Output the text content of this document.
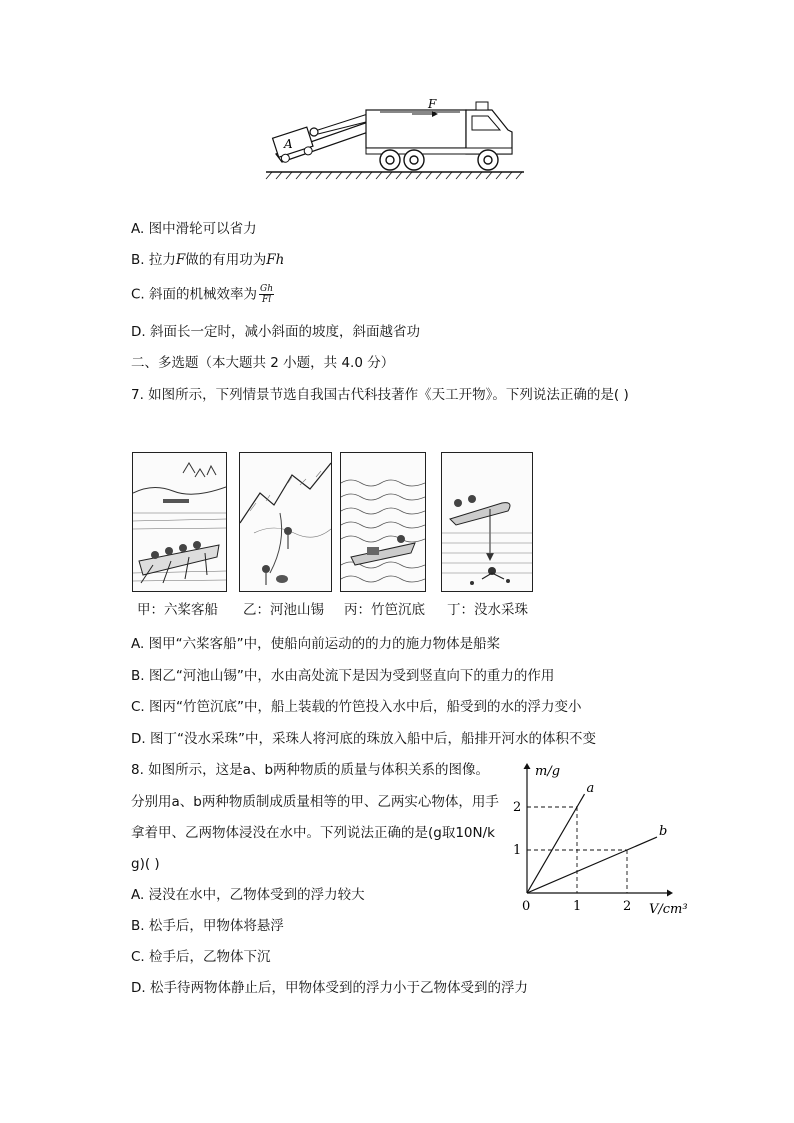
A
F
A. 图中滑轮可以省力
B. 拉力F做的有用功为Fh
C. 斜面的机械效率为 $\frac{Gh}{Fl}$
D. 斜面长一定时，减小斜面的坡度，斜面越省功
二、多选题（本大题共 2 小题，共 4.0 分）
7. 如图所示，下列情景节选自我国古代科技著作《天工开物》。下列说法正确的是( )
甲：六桨客船 乙：河池山锡 丙：竹笆沉底 丁：没水采珠
A. 图甲“六桨客船”中，使船向前运动的的力的施力物体是船桨
B. 图乙“河池山锡”中，水由高处流下是因为受到竖直向下的重力的作用
C. 图丙“竹笆沉底”中，船上装载的竹笆投入水中后，船受到的水的浮力变小
D. 图丁“没水采珠”中，采珠人将河底的珠放入船中后，船排开河水的体积不变
8. 如图所示，这是a、b两种物质的质量与体积关系的图像。
分别用a、b两种物质制成质量相等的甲、乙两实心物体，用手
拿着甲、乙两物体浸没在水中。下列说法正确的是(g取10N/k
g)( )
A. 浸没在水中，乙物体受到的浮力较大
B. 松手后，甲物体将悬浮
C. 检手后，乙物体下沉
D. 松手待两物体静止后，甲物体受到的浮力小于乙物体受到的浮力
m/g
V/cm³
0	1	2
1
2
a
b
